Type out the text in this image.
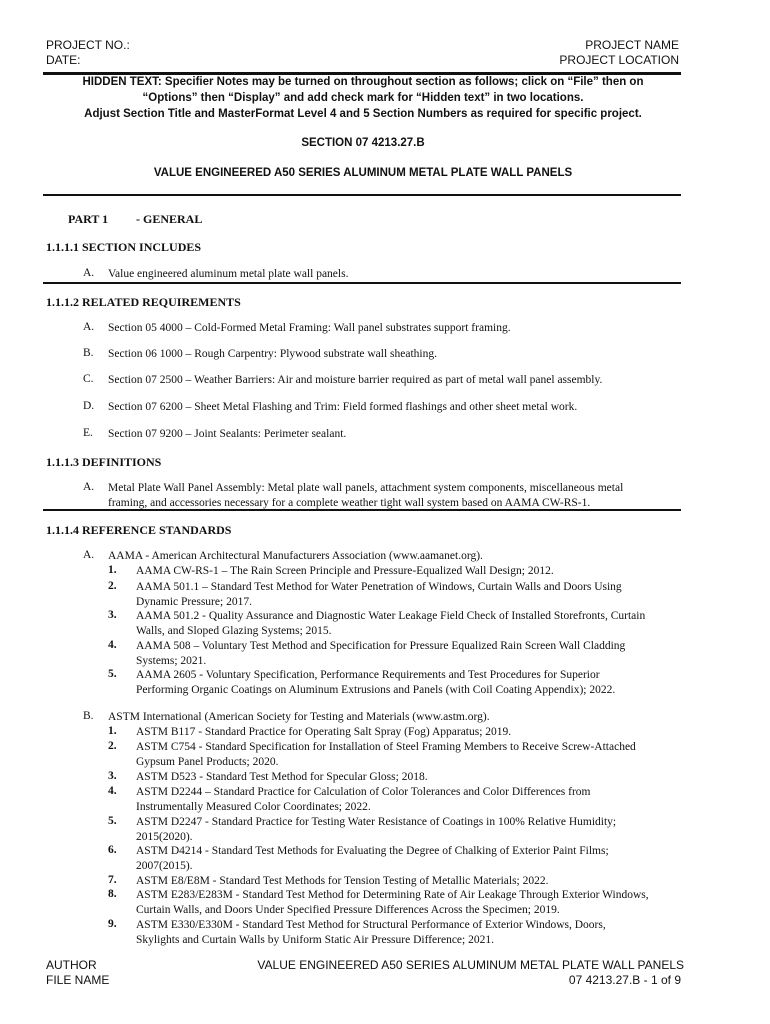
PROJECT NO.:
DATE:
PROJECT NAME
PROJECT LOCATION
HIDDEN TEXT: Specifier Notes may be turned on throughout section as follows; click on “File” then on
“Options” then “Display” and add check mark for “Hidden text” in two locations.
Adjust Section Title and MasterFormat Level 4 and 5 Section Numbers as required for specific project.
SECTION 07 4213.27.B
VALUE ENGINEERED A50 SERIES ALUMINUM METAL PLATE WALL PANELS
PART 1 - GENERAL
1.1.1.1 SECTION INCLUDES
A. Value engineered aluminum metal plate wall panels.
1.1.1.2 RELATED REQUIREMENTS
A. Section 05 4000 – Cold-Formed Metal Framing: Wall panel substrates support framing.
B. Section 06 1000 – Rough Carpentry: Plywood substrate wall sheathing.
C. Section 07 2500 – Weather Barriers: Air and moisture barrier required as part of metal wall panel assembly.
D. Section 07 6200 – Sheet Metal Flashing and Trim: Field formed flashings and other sheet metal work.
E. Section 07 9200 – Joint Sealants: Perimeter sealant.
1.1.1.3 DEFINITIONS
A. Metal Plate Wall Panel Assembly: Metal plate wall panels, attachment system components, miscellaneous metal
framing, and accessories necessary for a complete weather tight wall system based on AAMA CW-RS-1.
1.1.1.4 REFERENCE STANDARDS
A. AAMA - American Architectural Manufacturers Association (www.aamanet.org).
1. AAMA CW-RS-1 – The Rain Screen Principle and Pressure-Equalized Wall Design; 2012.
2. AAMA 501.1 – Standard Test Method for Water Penetration of Windows, Curtain Walls and Doors Using
Dynamic Pressure; 2017.
3. AAMA 501.2 - Quality Assurance and Diagnostic Water Leakage Field Check of Installed Storefronts, Curtain
Walls, and Sloped Glazing Systems; 2015.
4. AAMA 508 – Voluntary Test Method and Specification for Pressure Equalized Rain Screen Wall Cladding
Systems; 2021.
5. AAMA 2605 - Voluntary Specification, Performance Requirements and Test Procedures for Superior
Performing Organic Coatings on Aluminum Extrusions and Panels (with Coil Coating Appendix); 2022.
B. ASTM International (American Society for Testing and Materials (www.astm.org).
1. ASTM B117 - Standard Practice for Operating Salt Spray (Fog) Apparatus; 2019.
2. ASTM C754 - Standard Specification for Installation of Steel Framing Members to Receive Screw-Attached
Gypsum Panel Products; 2020.
3. ASTM D523 - Standard Test Method for Specular Gloss; 2018.
4. ASTM D2244 – Standard Practice for Calculation of Color Tolerances and Color Differences from
Instrumentally Measured Color Coordinates; 2022.
5. ASTM D2247 - Standard Practice for Testing Water Resistance of Coatings in 100% Relative Humidity;
2015(2020).
6. ASTM D4214 - Standard Test Methods for Evaluating the Degree of Chalking of Exterior Paint Films;
2007(2015).
7. ASTM E8/E8M - Standard Test Methods for Tension Testing of Metallic Materials; 2022.
8. ASTM E283/E283M - Standard Test Method for Determining Rate of Air Leakage Through Exterior Windows,
Curtain Walls, and Doors Under Specified Pressure Differences Across the Specimen; 2019.
9. ASTM E330/E330M - Standard Test Method for Structural Performance of Exterior Windows, Doors,
Skylights and Curtain Walls by Uniform Static Air Pressure Difference; 2021.
AUTHOR
FILE NAME
VALUE ENGINEERED A50 SERIES ALUMINUM METAL PLATE WALL PANELS
07 4213.27.B - 1 of 9
